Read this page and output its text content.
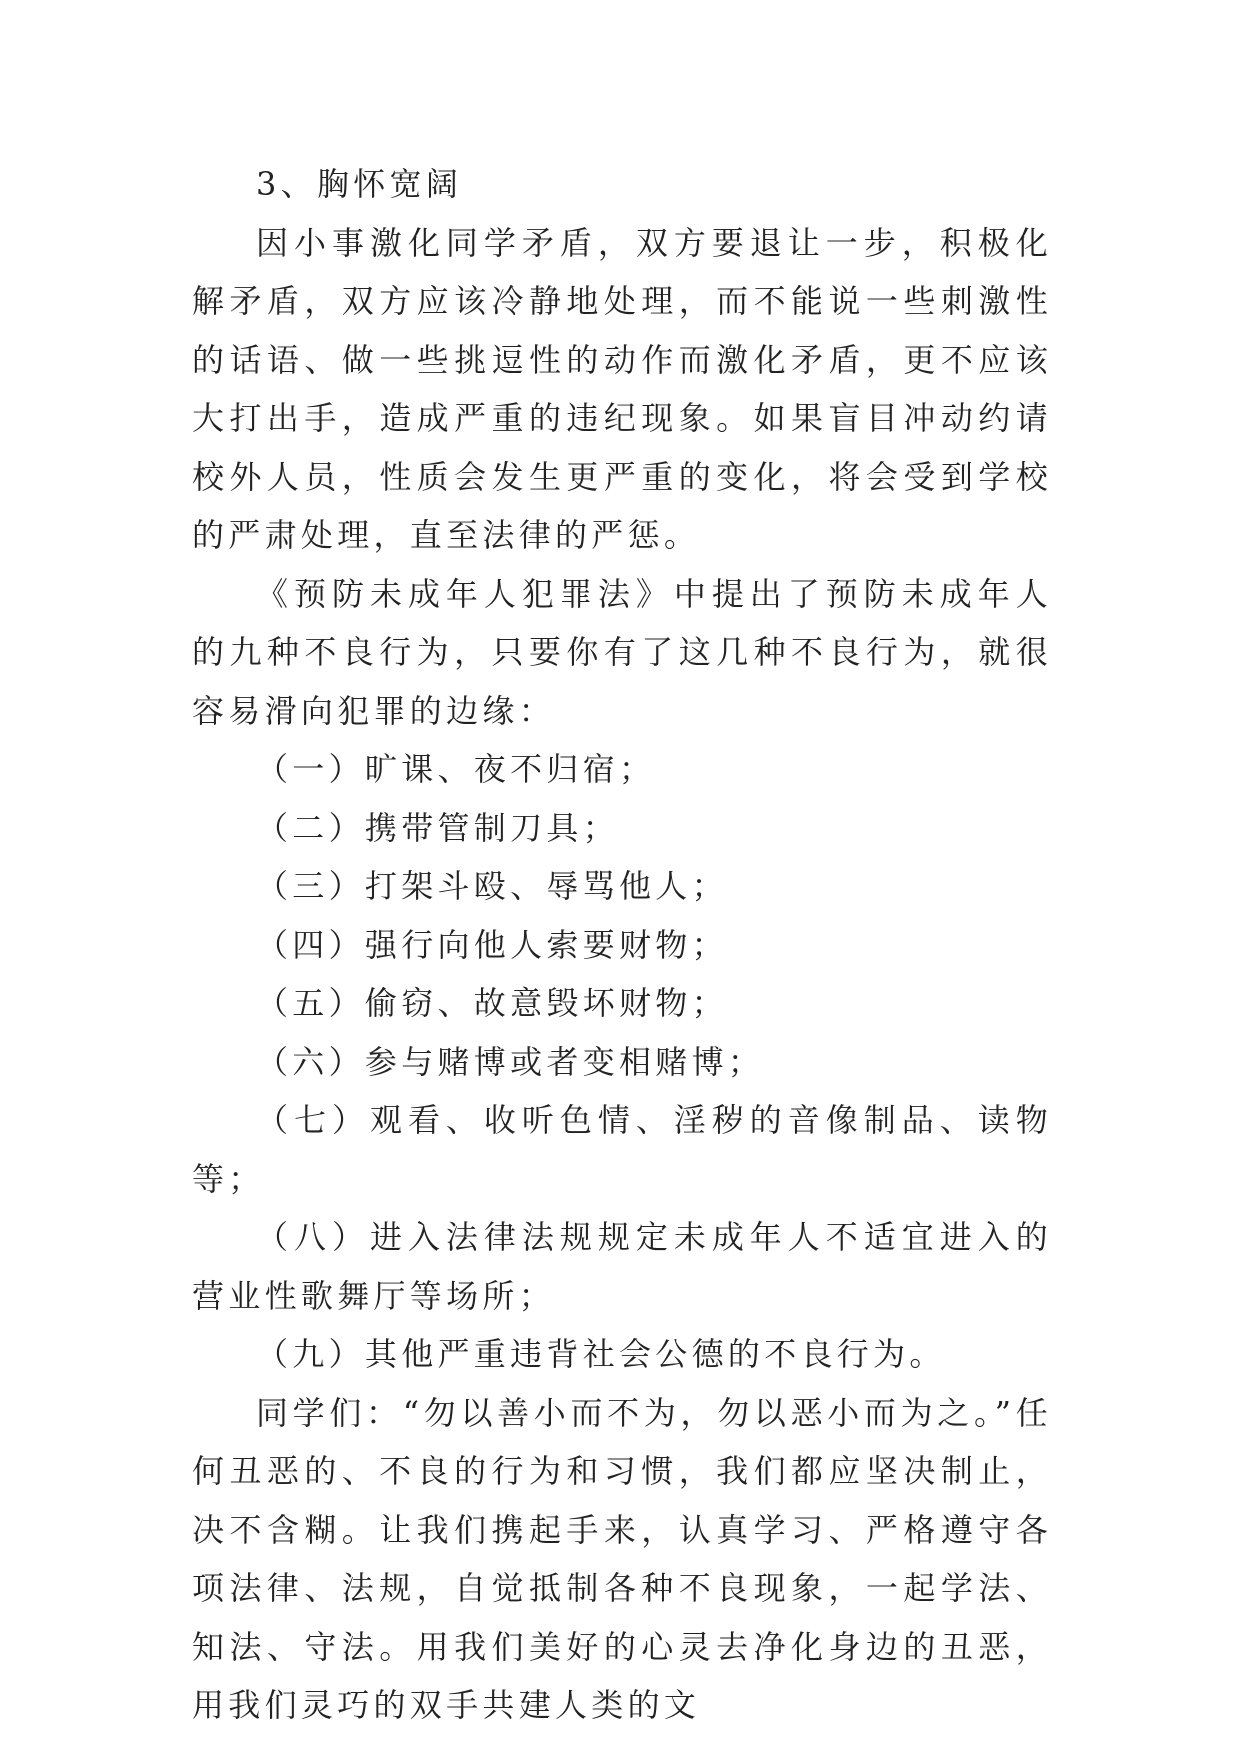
3、胸怀宽阔

因小事激化同学矛盾，双方要退让一步，积极化解矛盾，双方应该冷静地处理，而不能说一些刺激性的话语、做一些挑逗性的动作而激化矛盾，更不应该大打出手，造成严重的违纪现象。如果盲目冲动约请校外人员，性质会发生更严重的变化，将会受到学校的严肃处理，直至法律的严惩。

《预防未成年人犯罪法》中提出了预防未成年人的九种不良行为，只要你有了这几种不良行为，就很容易滑向犯罪的边缘：

（一）旷课、夜不归宿；

（二）携带管制刀具；

（三）打架斗殴、辱骂他人；

（四）强行向他人索要财物；

（五）偷窃、故意毁坏财物；

（六）参与赌博或者变相赌博；

（七）观看、收听色情、淫秽的音像制品、读物等；

（八）进入法律法规规定未成年人不适宜进入的营业性歌舞厅等场所；

（九）其他严重违背社会公德的不良行为。

同学们：“勿以善小而不为，勿以恶小而为之。”任何丑恶的、不良的行为和习惯，我们都应坚决制止，决不含糊。让我们携起手来，认真学习、严格遵守各项法律、法规，自觉抵制各种不良现象，一起学法、知法、守法。用我们美好的心灵去净化身边的丑恶，用我们灵巧的双手共建人类的文
